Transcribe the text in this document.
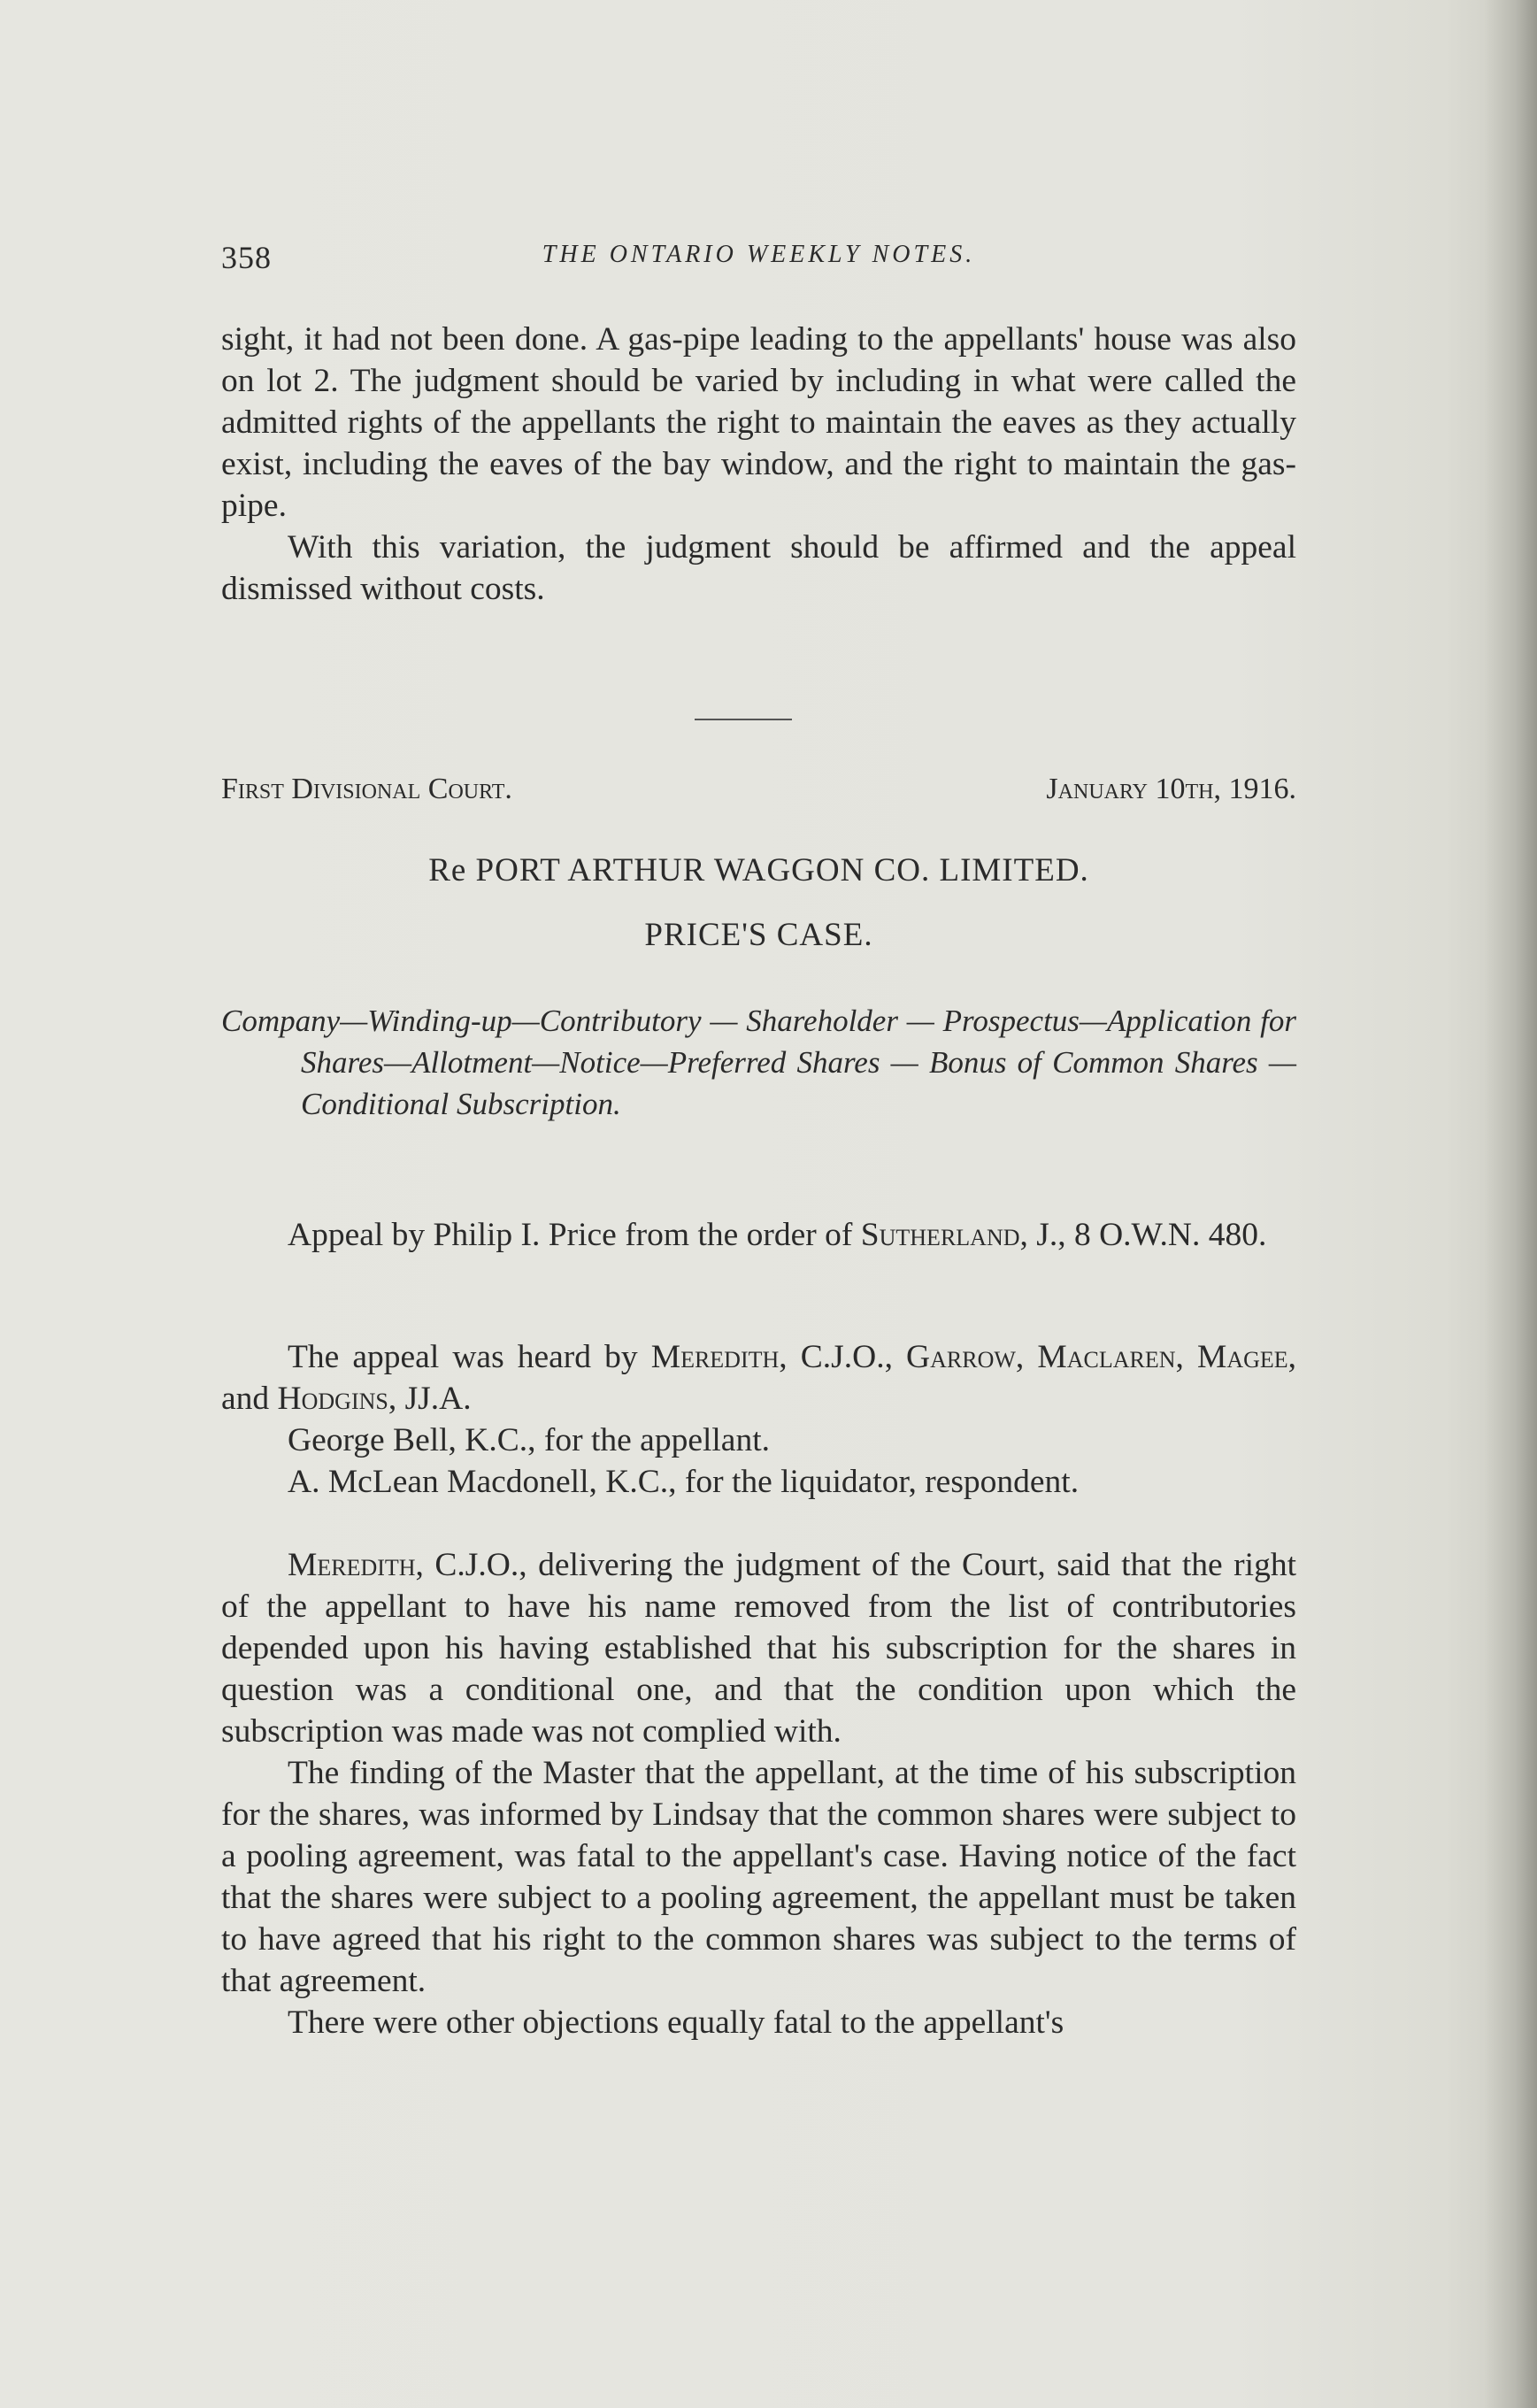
358	THE ONTARIO WEEKLY NOTES.

sight, it had not been done. A gas-pipe leading to the appellants' house was also on lot 2. The judgment should be varied by including in what were called the admitted rights of the appellants the right to maintain the eaves as they actually exist, including the eaves of the bay window, and the right to maintain the gas-pipe.

With this variation, the judgment should be affirmed and the appeal dismissed without costs.

First Divisional Court.	January 10th, 1916.
Re PORT ARTHUR WAGGON CO. LIMITED.
PRICE'S CASE.
Company—Winding-up—Contributory — Shareholder — Prospectus—Application for Shares—Allotment—Notice—Preferred Shares — Bonus of Common Shares — Conditional Subscription.

Appeal by Philip I. Price from the order of Sutherland, J., 8 O.W.N. 480.

The appeal was heard by Meredith, C.J.O., Garrow, Maclaren, Magee, and Hodgins, JJ.A.

George Bell, K.C., for the appellant.

A. McLean Macdonell, K.C., for the liquidator, respondent.

Meredith, C.J.O., delivering the judgment of the Court, said that the right of the appellant to have his name removed from the list of contributories depended upon his having established that his subscription for the shares in question was a conditional one, and that the condition upon which the subscription was made was not complied with.

The finding of the Master that the appellant, at the time of his subscription for the shares, was informed by Lindsay that the common shares were subject to a pooling agreement, was fatal to the appellant's case. Having notice of the fact that the shares were subject to a pooling agreement, the appellant must be taken to have agreed that his right to the common shares was subject to the terms of that agreement.

There were other objections equally fatal to the appellant's
